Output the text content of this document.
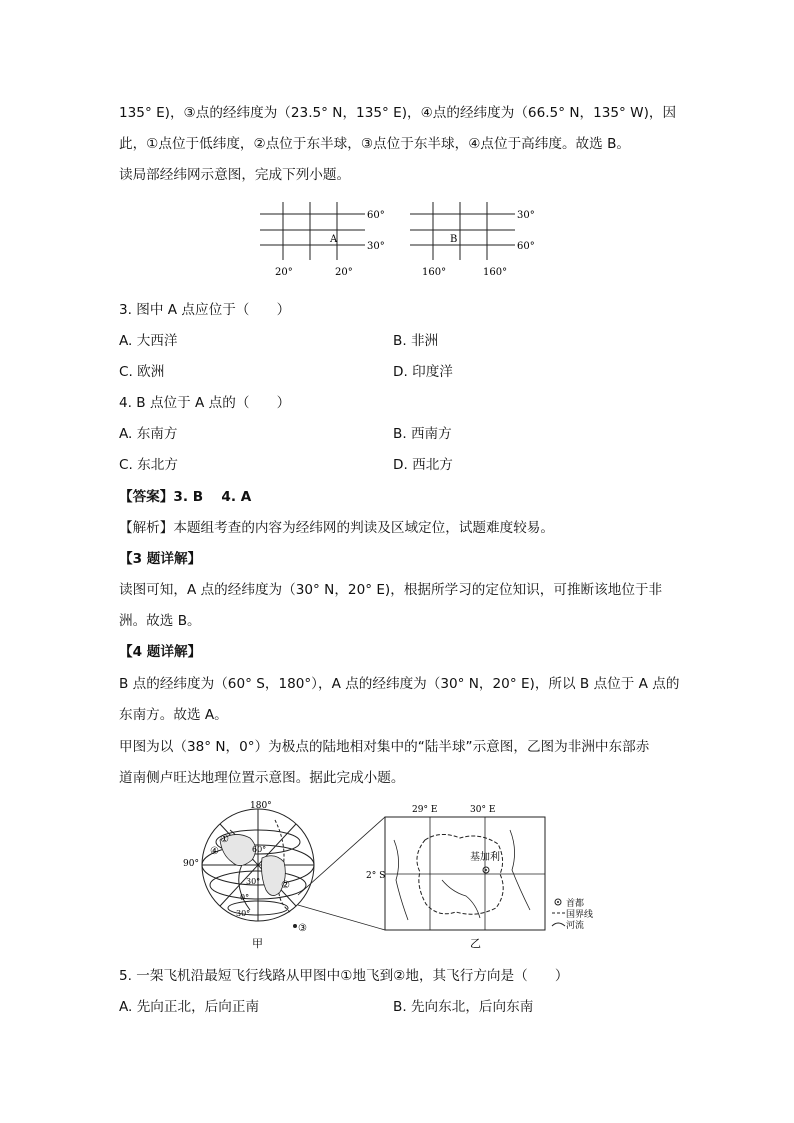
135° E)，③点的经纬度为（23.5° N，135° E)，④点的经纬度为（66.5° N，135° W)，因
此，①点位于低纬度，②点位于东半球，③点位于东半球，④点位于高纬度。故选 B。
读局部经纬网示意图，完成下列小题。
60°
30°
20°	20°
A
30°
60°
160°	160°
B
3. 图中 A 点应位于（　　）
A. 大西洋	B. 非洲
C. 欧洲	D. 印度洋
4. B 点位于 A 点的（　　）
A. 东南方	B. 西南方
C. 东北方	D. 西北方
【答案】3. B　 4. A
【解析】本题组考查的内容为经纬网的判读及区域定位，试题难度较易。
【3 题详解】
读图可知，A 点的经纬度为（30° N，20° E)，根据所学习的定位知识，可推断该地位于非
洲。故选 B。
【4 题详解】
B 点的经纬度为（60° S，180°），A 点的经纬度为（30° N，20° E)，所以 B 点位于 A 点的
东南方。故选 A。
甲图为以（38° N，0°）为极点的陆地相对集中的“陆半球”示意图，乙图为非洲中东部赤
道南侧卢旺达地理位置示意图。据此完成小题。
180°
90°
60°
30°
0°
30°
①
④
②
③
甲
基加利
29° E	30° E
2° S
首都
国界线
河流
乙
5. 一架飞机沿最短飞行线路从甲图中①地飞到②地，其飞行方向是（　　）
A. 先向正北，后向正南	B. 先向东北，后向东南
